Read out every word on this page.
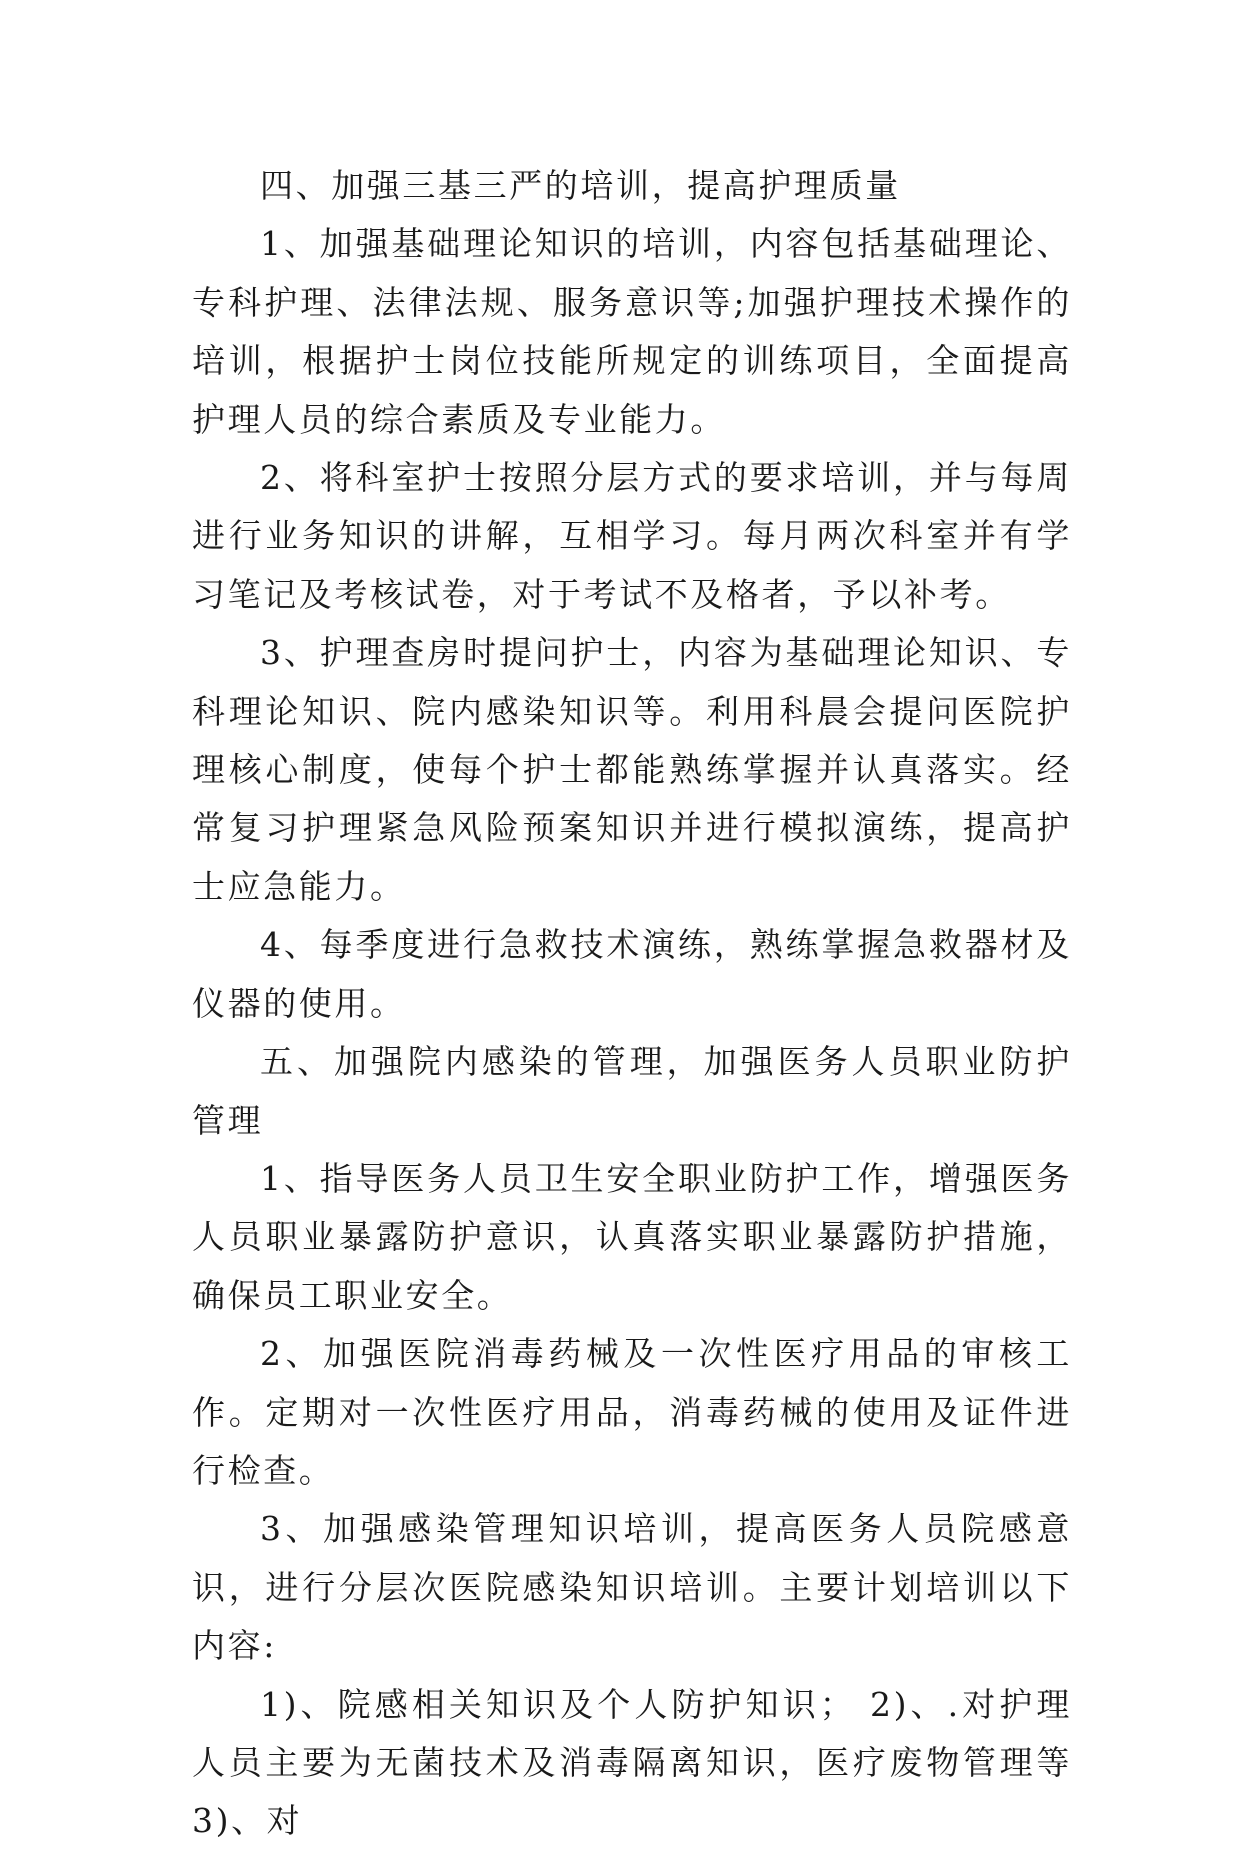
四、加强三基三严的培训，提高护理质量

1、加强基础理论知识的培训，内容包括基础理论、专科护理、法律法规、服务意识等;加强护理技术操作的培训，根据护士岗位技能所规定的训练项目，全面提高护理人员的综合素质及专业能力。

2、将科室护士按照分层方式的要求培训，并与每周进行业务知识的讲解，互相学习。每月两次科室并有学习笔记及考核试卷，对于考试不及格者，予以补考。

3、护理查房时提问护士，内容为基础理论知识、专科理论知识、院内感染知识等。利用科晨会提问医院护理核心制度，使每个护士都能熟练掌握并认真落实。经常复习护理紧急风险预案知识并进行模拟演练，提高护士应急能力。

4、每季度进行急救技术演练，熟练掌握急救器材及仪器的使用。

五、加强院内感染的管理，加强医务人员职业防护管理

1、指导医务人员卫生安全职业防护工作，增强医务人员职业暴露防护意识，认真落实职业暴露防护措施，确保员工职业安全。

2、加强医院消毒药械及一次性医疗用品的审核工作。定期对一次性医疗用品，消毒药械的使用及证件进行检查。

3、加强感染管理知识培训，提高医务人员院感意识，进行分层次医院感染知识培训。主要计划培训以下内容:

1)、院感相关知识及个人防护知识； 2)、.对护理人员主要为无菌技术及消毒隔离知识，医疗废物管理等 3)、对
